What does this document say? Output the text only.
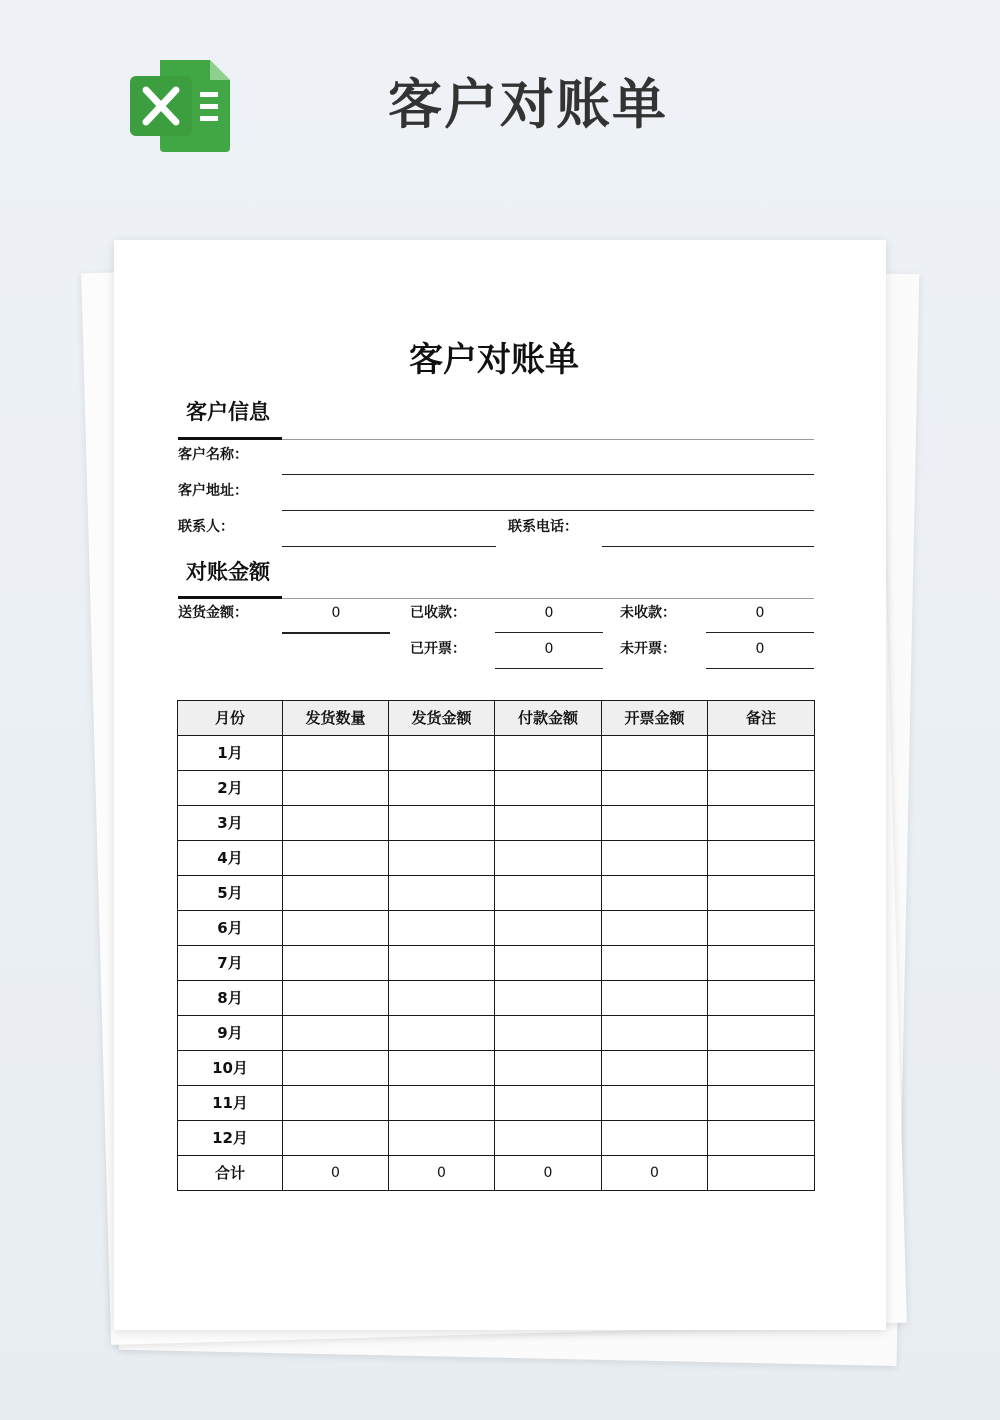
客户对账单
客户对账单
客户信息
客户名称：
客户地址：
联系人：	联系电话：
对账金额
送货金额：	0	已收款：	0	未收款：	0
已开票：	0	未开票：	0
月份	发货数量	发货金额	付款金额	开票金额	备注
1月					
2月					
3月					
4月					
5月					
6月					
7月					
8月					
9月					
10月					
11月					
12月					
合计	0	0	0	0	
